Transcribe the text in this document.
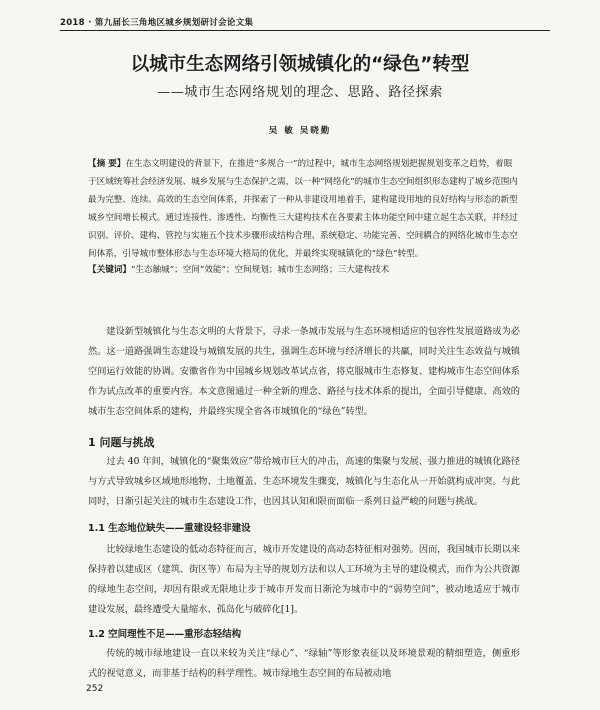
2018 · 第九届长三角地区城乡规划研讨会论文集
以城市生态网络引领城镇化的“绿色”转型
——城市生态网络规划的理念、思路、路径探索
吴 敏 吴晓勤
【摘 要】在生态文明建设的背景下，在推进“多规合一”的过程中，城市生态网络规划把握规划变革之趋势，着眼于区域统筹社会经济发展、城乡发展与生态保护之需，以一种“网络化”的城市生态空间组织形态建构了城乡范围内最为完整、连续、高效的生态空间体系，并探索了一种从非建设用地着手，建构建设用地的良好结构与形态的新型城乡空间增长模式。通过连接性、渗透性、均衡性三大建构技术在各要素主体功能空间中建立起生态关联，并经过识别、评价、建构、管控与实施五个技术步骤形成结构合理、系统稳定、功能完善、空间耦合的网络化城市生态空间体系，引导城市整体形态与生态环境大格局的优化，并最终实现城镇化的“绿色”转型。
【关键词】“生态触城”；空间“效能”；空间规划；城市生态网络；三大建构技术

建设新型城镇化与生态文明的大背景下，寻求一条城市发展与生态环境相适应的包容性发展道路成为必然。这一道路强调生态建设与城镇发展的共生，强调生态环境与经济增长的共赢，同时关注生态效益与城镇空间运行效能的协调。安徽省作为中国城乡规划改革试点省，将克服城市生态修复、建构城市生态空间体系作为试点改革的重要内容。本文意图通过一种全新的理念、路径与技术体系的提出，全面引导健康、高效的城市生态空间体系的建构，并最终实现全省各市城镇化的“绿色”转型。

1 问题与挑战

过去 40 年间，城镇化的“聚集效应”带给城市巨大的冲击，高速的集聚与发展、强力推进的城镇化路径与方式导致城乡区域地形地物、土地覆盖、生态环境发生骤变，城镇化与生态化从一开始就构成冲突。与此同时，日渐引起关注的城市生态建设工作，也因其认知和限而面临一系列日益严峻的问题与挑战。

1.1 生态地位缺失——重建设轻非建设

比较绿地生态建设的低动态特征而言，城市开发建设的高动态特征相对强势。因而，我国城市长期以来保持着以建成区（建筑、街区等）布局为主导的规划方法和以人工环境为主导的建设模式，而作为公共资源的绿地生态空间，却因有限或无限地让步于城市开发而日渐沦为城市中的“弱势空间”，被动地适应于城市建设发展，最终遭受大量缩水、孤岛化与破碎化[1]。

1.2 空间理性不足——重形态轻结构

传统的城市绿地建设一直以来较为关注“绿心”、“绿轴”等形象表征以及环境景观的精细塑造，侧重形式的视觉意义，而非基于结构的科学理性。城市绿地生态空间的布局被动地

252
